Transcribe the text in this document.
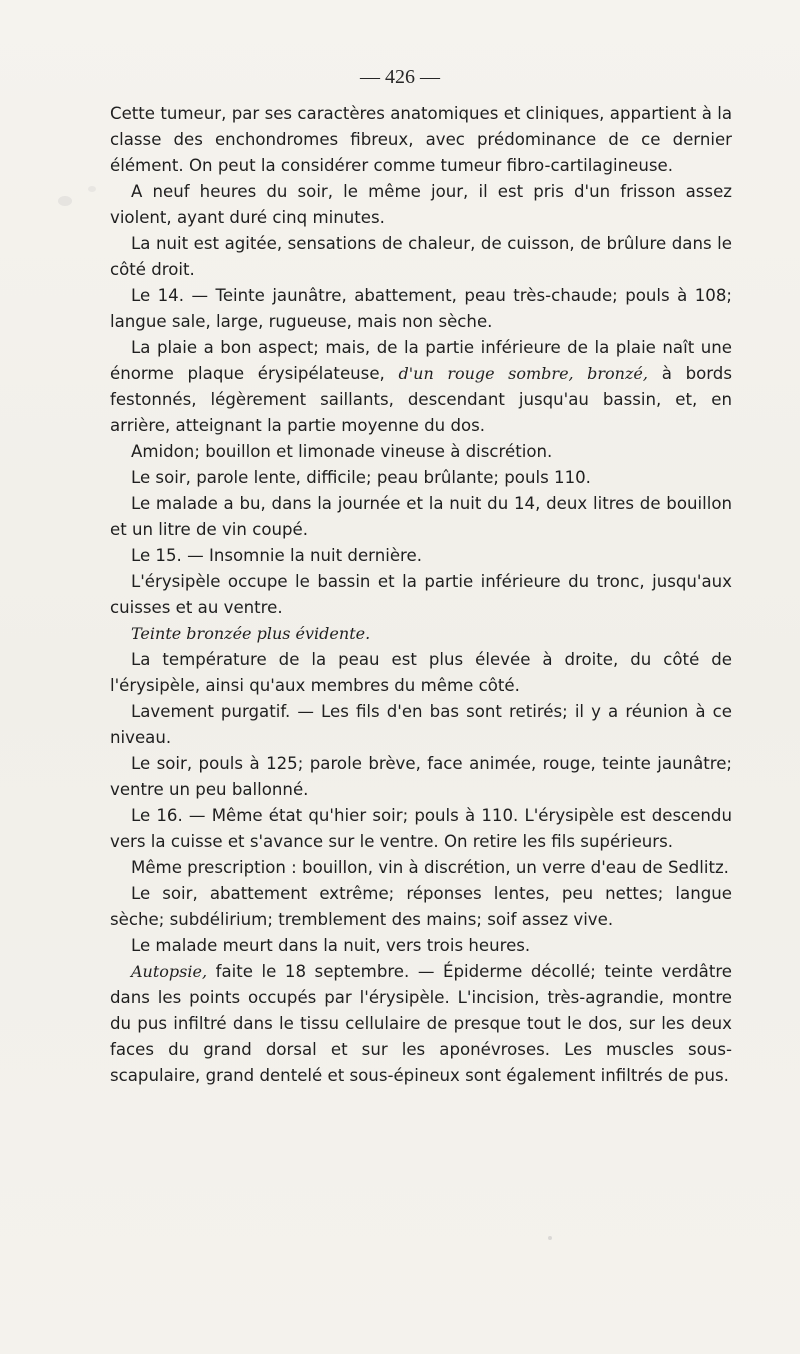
— 426 —

Cette tumeur, par ses caractères anatomiques et cliniques, appartient à la classe des enchondromes fibreux, avec prédominance de ce dernier élément. On peut la considérer comme tumeur fibro-cartilagineuse.

A neuf heures du soir, le même jour, il est pris d'un frisson assez violent, ayant duré cinq minutes.

La nuit est agitée, sensations de chaleur, de cuisson, de brûlure dans le côté droit.

Le 14. — Teinte jaunâtre, abattement, peau très-chaude; pouls à 108; langue sale, large, rugueuse, mais non sèche.

La plaie a bon aspect; mais, de la partie inférieure de la plaie naît une énorme plaque érysipélateuse, d'un rouge sombre, bronzé, à bords festonnés, légèrement saillants, descendant jusqu'au bassin, et, en arrière, atteignant la partie moyenne du dos.

Amidon; bouillon et limonade vineuse à discrétion.

Le soir, parole lente, difficile; peau brûlante; pouls 110.

Le malade a bu, dans la journée et la nuit du 14, deux litres de bouillon et un litre de vin coupé.

Le 15. — Insomnie la nuit dernière.

L'érysipèle occupe le bassin et la partie inférieure du tronc, jusqu'aux cuisses et au ventre.

Teinte bronzée plus évidente.

La température de la peau est plus élevée à droite, du côté de l'érysipèle, ainsi qu'aux membres du même côté.

Lavement purgatif. — Les fils d'en bas sont retirés; il y a réunion à ce niveau.

Le soir, pouls à 125; parole brève, face animée, rouge, teinte jaunâtre; ventre un peu ballonné.

Le 16. — Même état qu'hier soir; pouls à 110. L'érysipèle est descendu vers la cuisse et s'avance sur le ventre. On retire les fils supérieurs.

Même prescription : bouillon, vin à discrétion, un verre d'eau de Sedlitz.

Le soir, abattement extrême; réponses lentes, peu nettes; langue sèche; subdélirium; tremblement des mains; soif assez vive.

Le malade meurt dans la nuit, vers trois heures.

Autopsie, faite le 18 septembre. — Épiderme décollé; teinte verdâtre dans les points occupés par l'érysipèle. L'incision, très-agrandie, montre du pus infiltré dans le tissu cellulaire de presque tout le dos, sur les deux faces du grand dorsal et sur les aponévroses. Les muscles sous-scapulaire, grand dentelé et sous-épineux sont également infiltrés de pus.
